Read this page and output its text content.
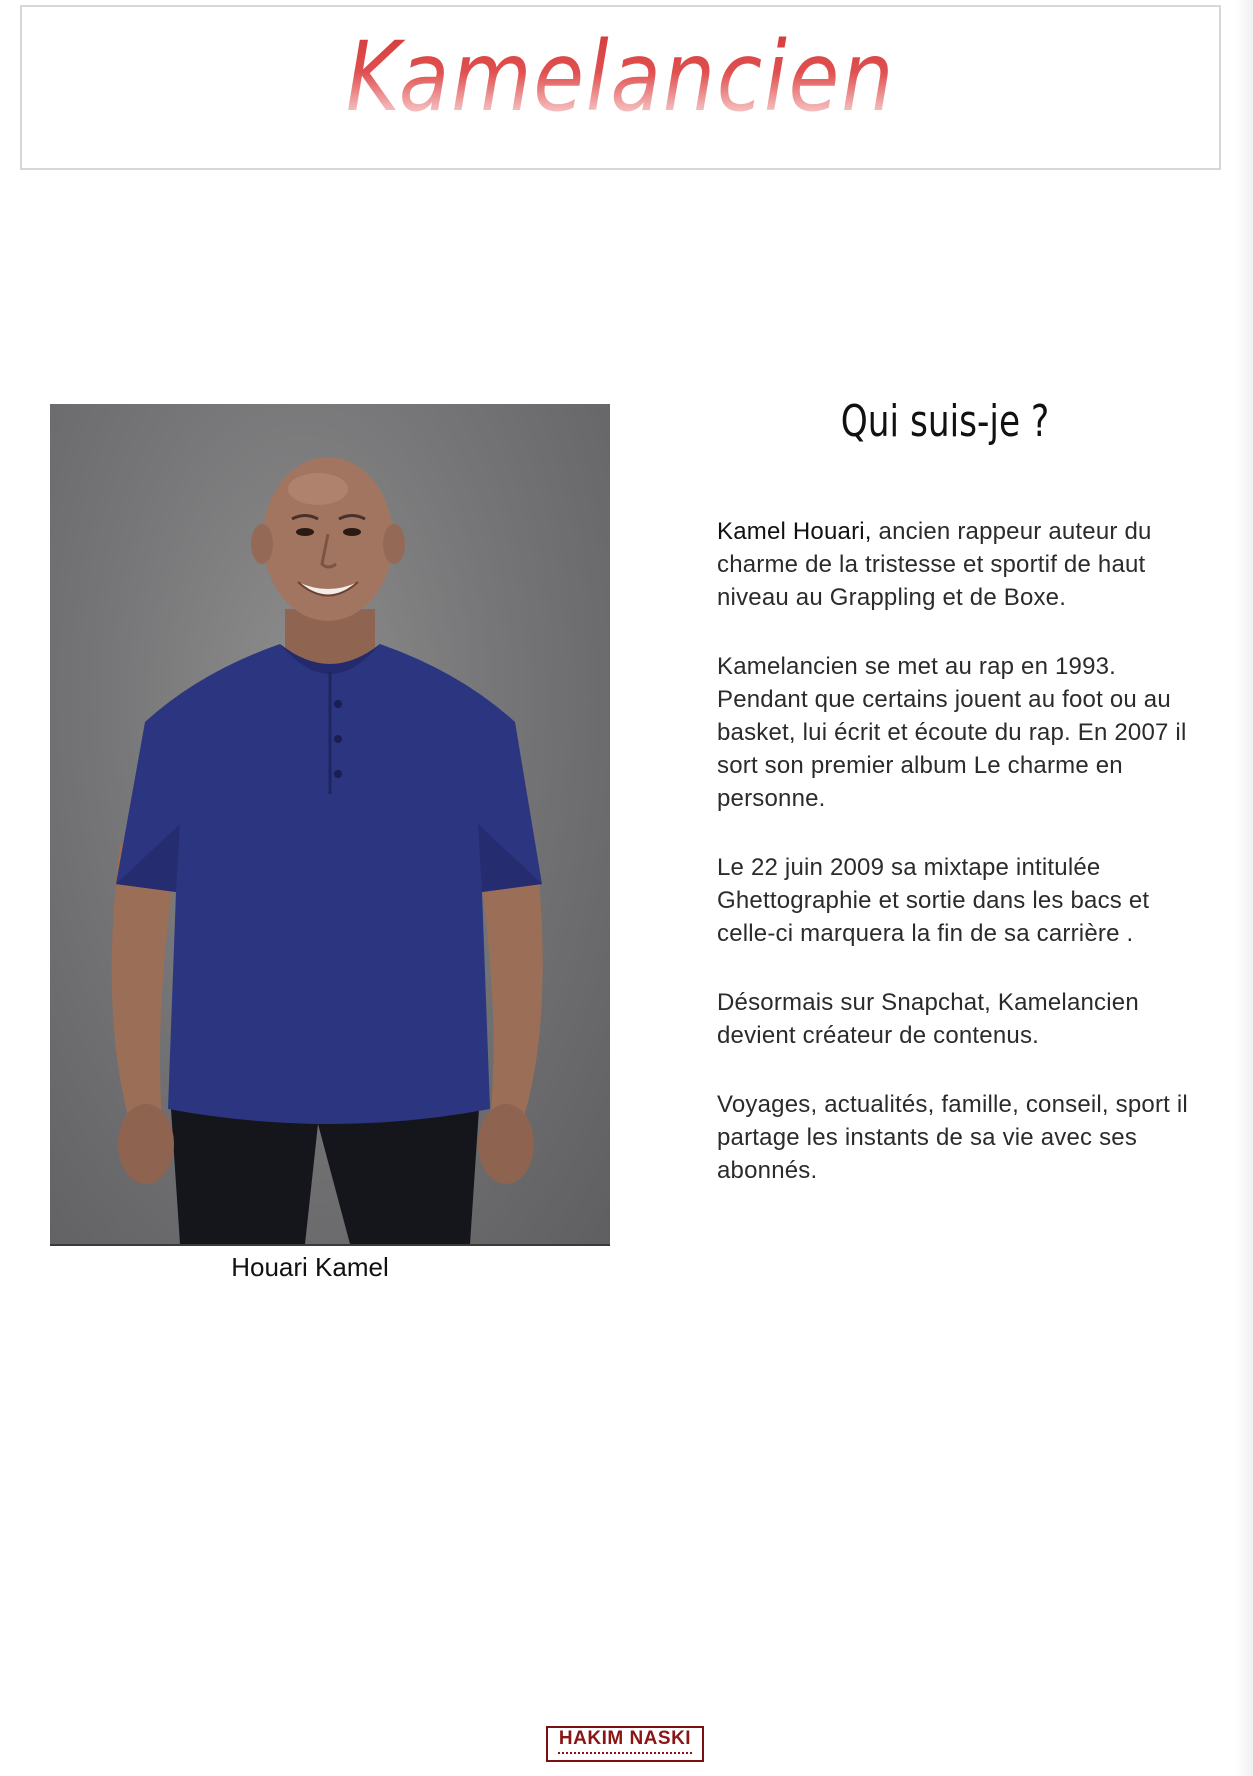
Kamelancien
Houari Kamel
Qui suis-je ?

Kamel Houari, ancien rappeur auteur du charme de la tristesse et sportif de haut niveau au Grappling et de Boxe.

Kamelancien se met au rap en 1993. Pendant que certains jouent au foot ou au basket, lui écrit et écoute du rap. En 2007 il sort son premier album Le charme en personne.

Le 22 juin 2009 sa mixtape intitulée Ghettographie et sortie dans les bacs et celle-ci marquera la fin de sa carrière .

Désormais sur Snapchat, Kamelancien devient créateur de contenus.

Voyages, actualités, famille, conseil, sport il partage les instants de sa vie avec ses abonnés.

HAKIM NASKI
